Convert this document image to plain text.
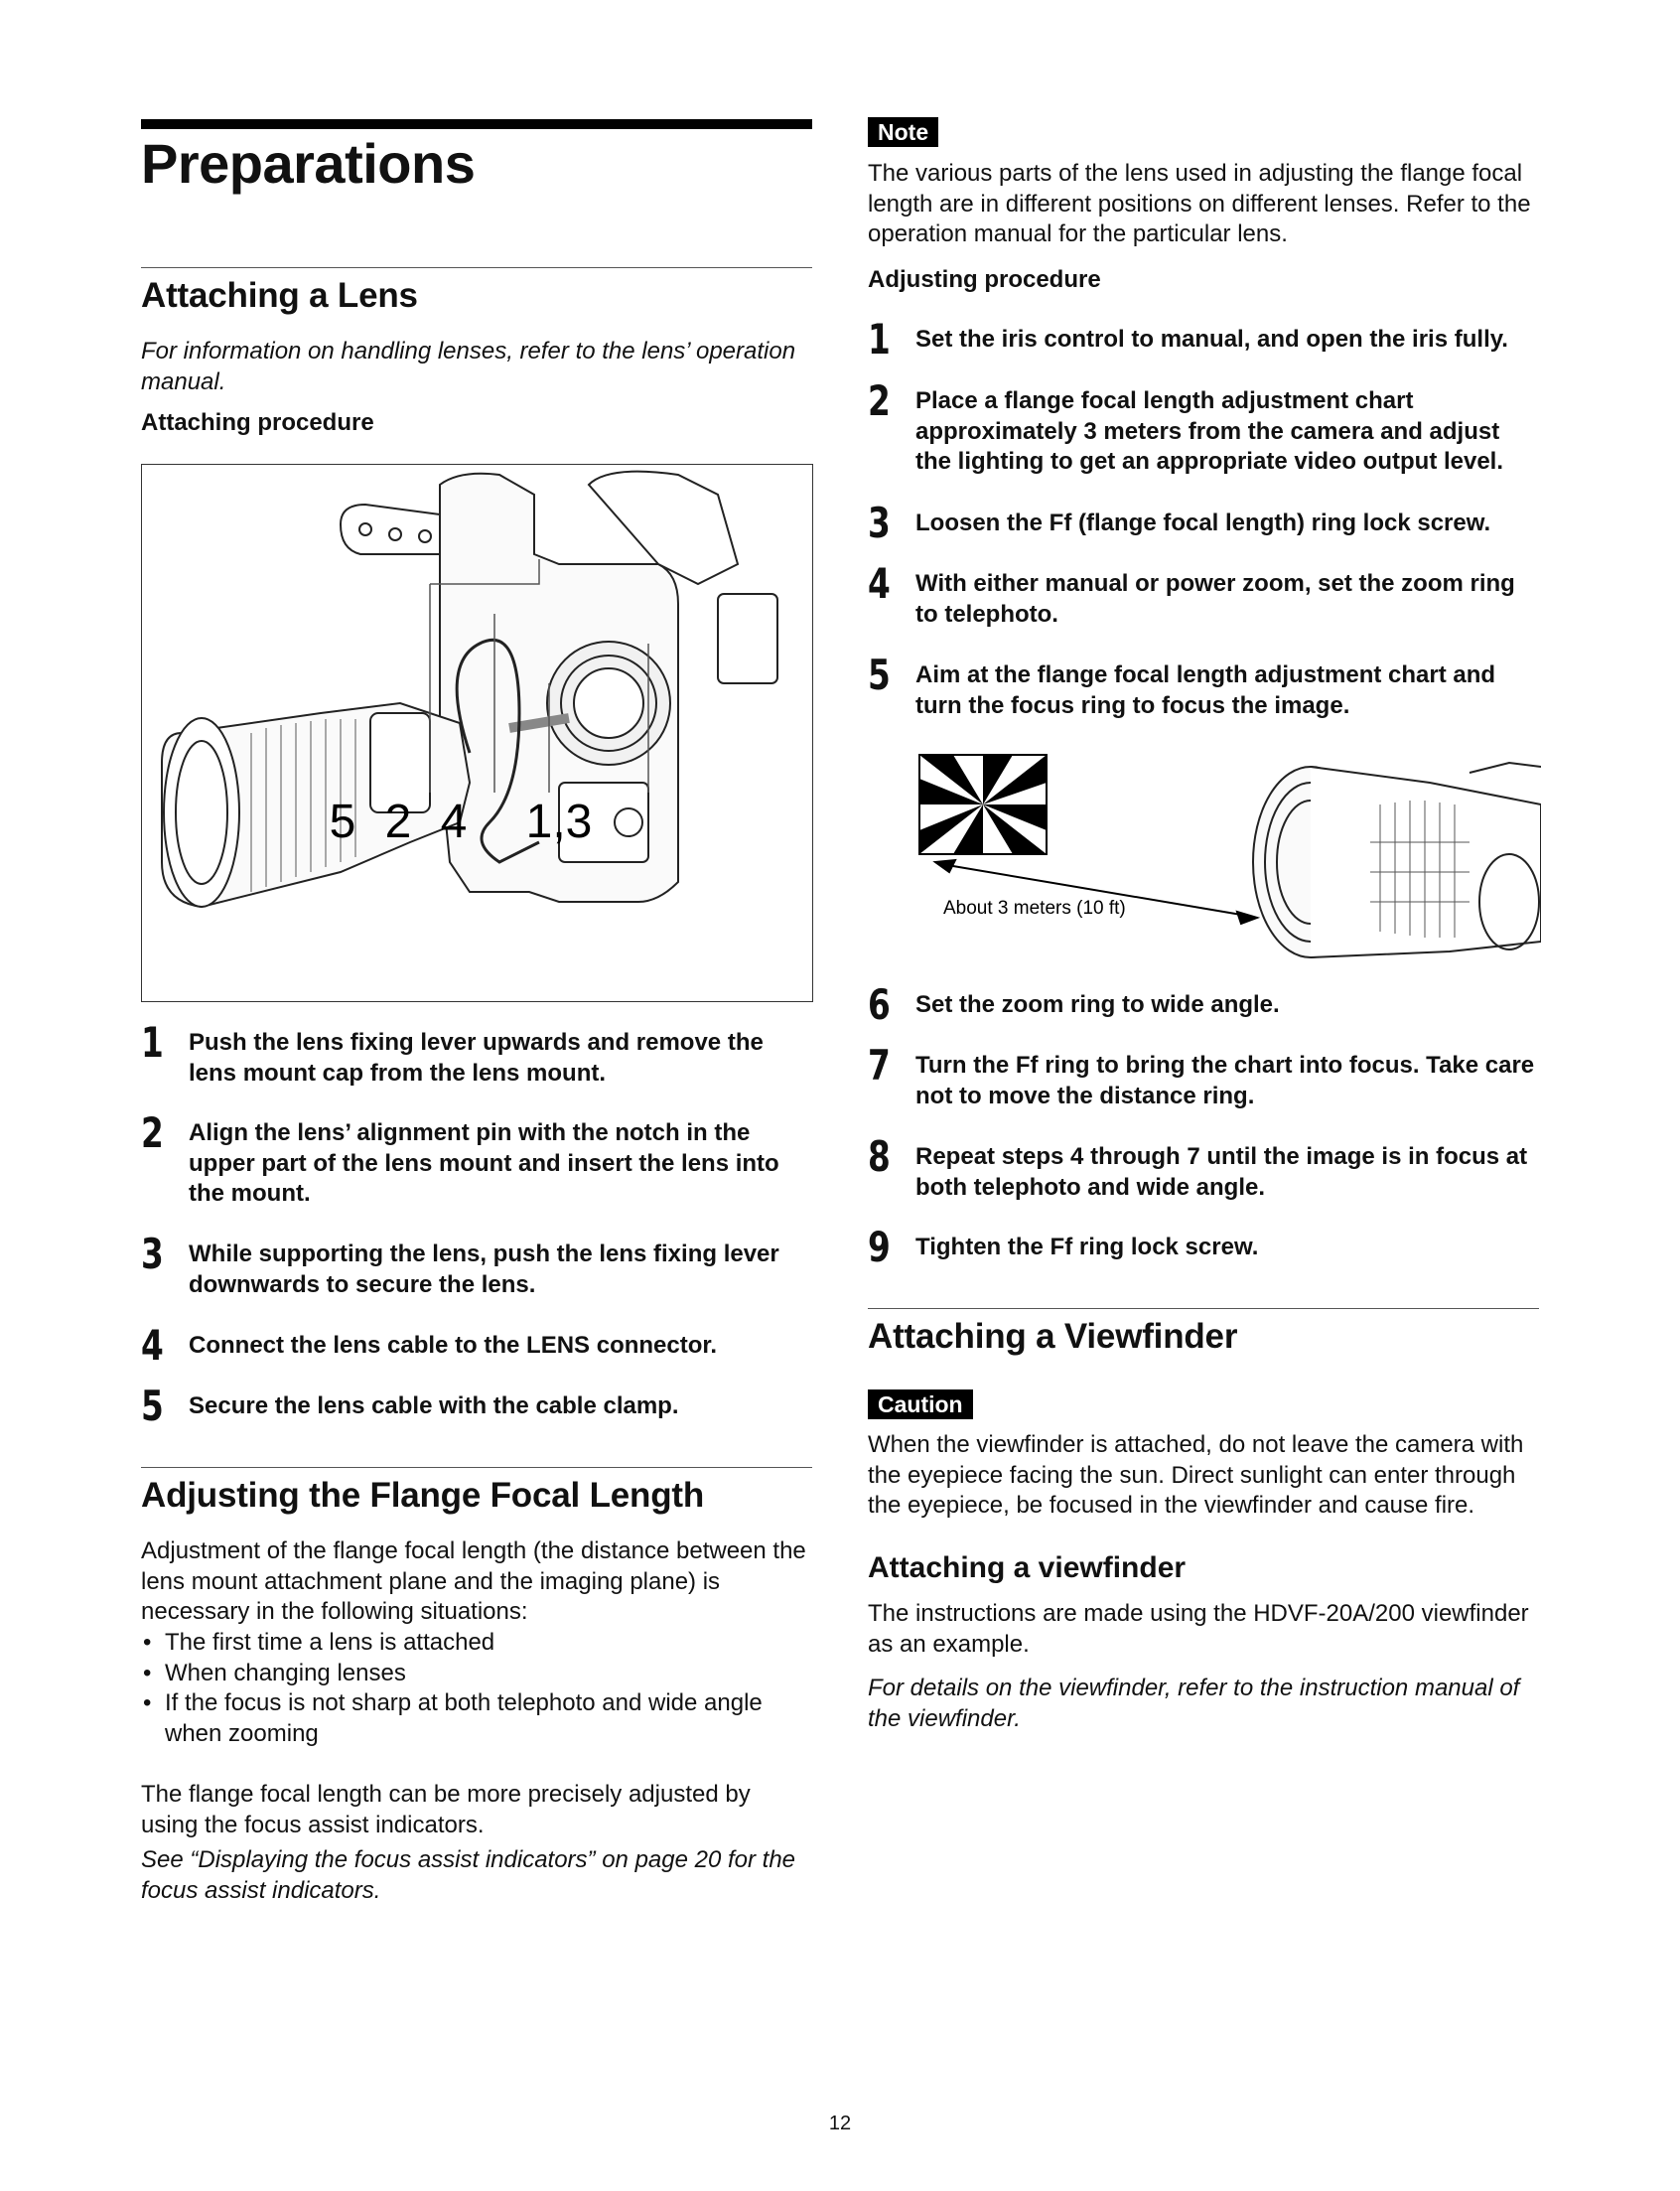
Preparations
Attaching a Lens

For information on handling lenses, refer to the lens’ operation manual.

Attaching procedure

5 2 4 1,3
1 Push the lens fixing lever upwards and remove the lens mount cap from the lens mount.
2 Align the lens’ alignment pin with the notch in the upper part of the lens mount and insert the lens into the mount.
3 While supporting the lens, push the lens fixing lever downwards to secure the lens.
4 Connect the lens cable to the LENS connector.
5 Secure the lens cable with the cable clamp.
Adjusting the Flange Focal Length

Adjustment of the flange focal length (the distance between the lens mount attachment plane and the imaging plane) is necessary in the following situations:

• The first time a lens is attached
• When changing lenses
• If the focus is not sharp at both telephoto and wide angle when zooming

The flange focal length can be more precisely adjusted by using the focus assist indicators.

See “Displaying the focus assist indicators” on page 20 for the focus assist indicators.

Note

The various parts of the lens used in adjusting the flange focal length are in different positions on different lenses. Refer to the operation manual for the particular lens.

Adjusting procedure

1 Set the iris control to manual, and open the iris fully.
2 Place a flange focal length adjustment chart approximately 3 meters from the camera and adjust the lighting to get an appropriate video output level.
3 Loosen the Ff (flange focal length) ring lock screw.
4 With either manual or power zoom, set the zoom ring to telephoto.
5 Aim at the flange focal length adjustment chart and turn the focus ring to focus the image.
About 3 meters (10 ft)
6 Set the zoom ring to wide angle.
7 Turn the Ff ring to bring the chart into focus. Take care not to move the distance ring.
8 Repeat steps 4 through 7 until the image is in focus at both telephoto and wide angle.
9 Tighten the Ff ring lock screw.
Attaching a Viewfinder
Caution

When the viewfinder is attached, do not leave the camera with the eyepiece facing the sun. Direct sunlight can enter through the eyepiece, be focused in the viewfinder and cause fire.

Attaching a viewfinder

The instructions are made using the HDVF-20A/200 viewfinder as an example.

For details on the viewfinder, refer to the instruction manual of the viewfinder.

12
